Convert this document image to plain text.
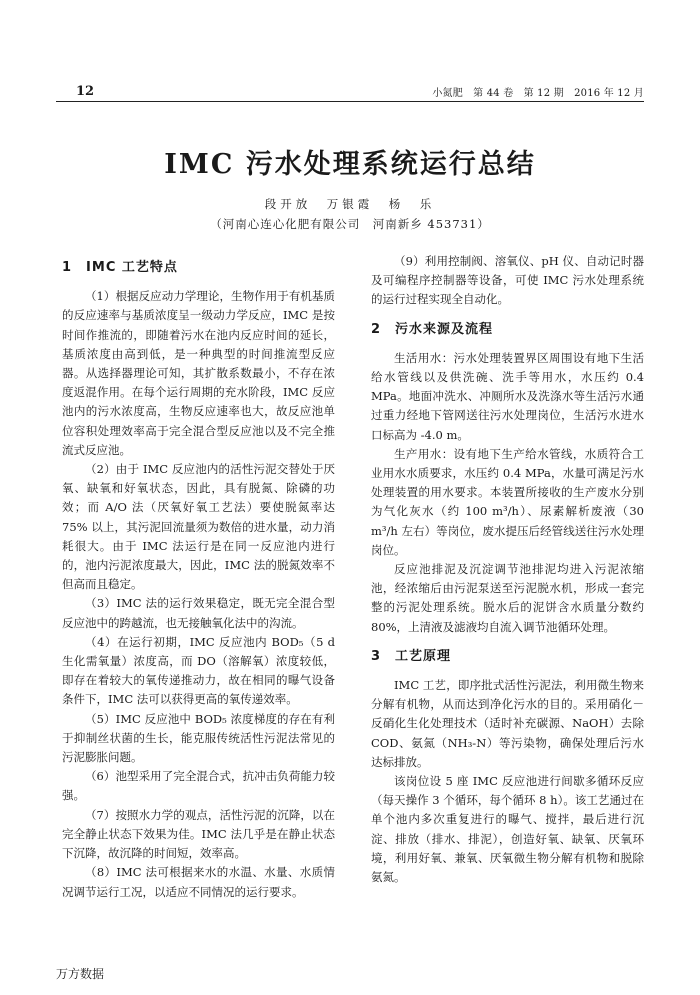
12	小氮肥　第 44 卷　第 12 期　2016 年 12 月
IMC 污水处理系统运行总结
段开放　万银霞　杨　乐
（河南心连心化肥有限公司　河南新乡 453731）
1　IMC 工艺特点

（1）根据反应动力学理论，生物作用于有机基质的反应速率与基质浓度呈一级动力学反应，IMC 是按时间作推流的，即随着污水在池内反应时间的延长，基质浓度由高到低，是一种典型的时间推流型反应器。从选择器理论可知，其扩散系数最小，不存在浓度返混作用。在每个运行周期的充水阶段，IMC 反应池内的污水浓度高，生物反应速率也大，故反应池单位容积处理效率高于完全混合型反应池以及不完全推流式反应池。

（2）由于 IMC 反应池内的活性污泥交替处于厌氧、缺氧和好氧状态，因此，具有脱氮、除磷的功效；而 A/O 法（厌氧好氧工艺法）要使脱氮率达 75% 以上，其污泥回流量须为数倍的进水量，动力消耗很大。由于 IMC 法运行是在同一反应池内进行的，池内污泥浓度最大，因此，IMC 法的脱氮效率不但高而且稳定。

（3）IMC 法的运行效果稳定，既无完全混合型反应池中的跨越流，也无接触氧化法中的沟流。

（4）在运行初期，IMC 反应池内 BOD₅（5 d 生化需氧量）浓度高，而 DO（溶解氧）浓度较低，即存在着较大的氧传递推动力，故在相同的曝气设备条件下，IMC 法可以获得更高的氧传递效率。

（5）IMC 反应池中 BOD₅ 浓度梯度的存在有利于抑制丝状菌的生长，能克服传统活性污泥法常见的污泥膨胀问题。

（6）池型采用了完全混合式，抗冲击负荷能力较强。

（7）按照水力学的观点，活性污泥的沉降，以在完全静止状态下效果为佳。IMC 法几乎是在静止状态下沉降，故沉降的时间短，效率高。

（8）IMC 法可根据来水的水温、水量、水质情况调节运行工况，以适应不同情况的运行要求。

（9）利用控制阀、溶氧仪、pH 仪、自动记时器及可编程序控制器等设备，可使 IMC 污水处理系统的运行过程实现全自动化。

2　污水来源及流程

生活用水：污水处理装置界区周围设有地下生活给水管线以及供洗碗、洗手等用水，水压约 0.4 MPa。地面冲洗水、冲厕所水及洗涤水等生活污水通过重力经地下管网送往污水处理岗位，生活污水进水口标高为 -4.0 m。

生产用水：设有地下生产给水管线，水质符合工业用水水质要求，水压约 0.4 MPa，水量可满足污水处理装置的用水要求。本装置所接收的生产废水分别为气化灰水（约 100 m³/h）、尿素解析废液（30 m³/h 左右）等岗位，废水提压后经管线送往污水处理岗位。

反应池排泥及沉淀调节池排泥均进入污泥浓缩池，经浓缩后由污泥泵送至污泥脱水机，形成一套完整的污泥处理系统。脱水后的泥饼含水质量分数约 80%，上清液及滤液均自流入调节池循环处理。

3　工艺原理

IMC 工艺，即序批式活性污泥法，利用微生物来分解有机物，从而达到净化污水的目的。采用硝化－反硝化生化处理技术（适时补充碳源、NaOH）去除 COD、氨氮（NH₃-N）等污染物，确保处理后污水达标排放。

该岗位设 5 座 IMC 反应池进行间歇多循环反应（每天操作 3 个循环，每个循环 8 h）。该工艺通过在单个池内多次重复进行的曝气、搅拌，最后进行沉淀、排放（排水、排泥），创造好氧、缺氧、厌氧环境，利用好氧、兼氧、厌氧微生物分解有机物和脱除氨氮。

万方数据
